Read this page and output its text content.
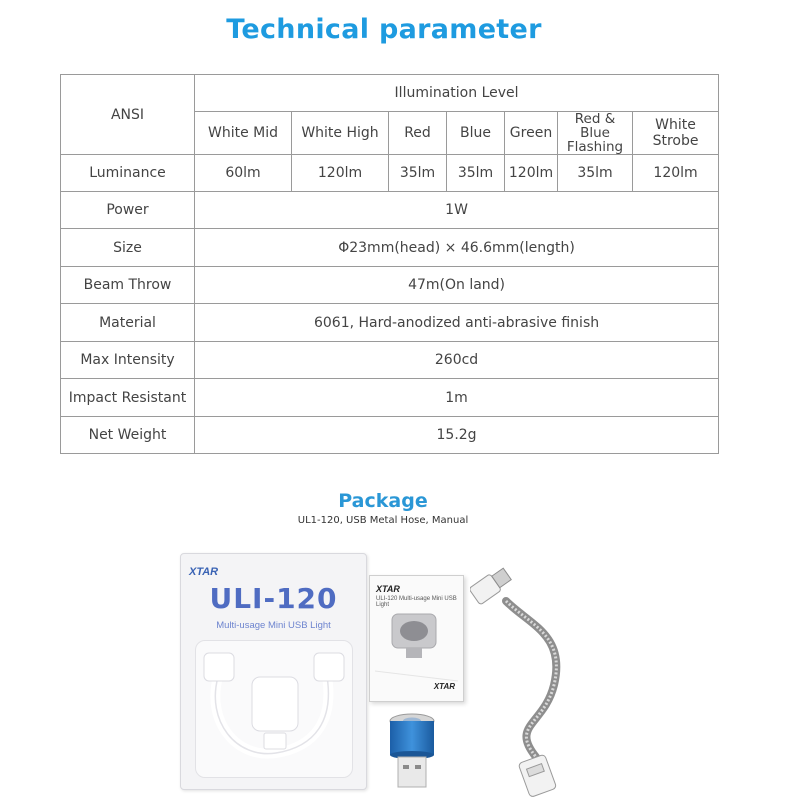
Technical parameter
ANSI	Illumination Level						
	White Mid	White High	Red	Blue	Green	Red & Blue Flashing	White Strobe
Luminance	60lm	120lm	35lm	35lm	120lm	35lm	120lm
Power	1W						
Size	Φ23mm(head) × 46.6mm(length)						
Beam Throw	47m(On land)						
Material	6061, Hard-anodized anti-abrasive finish						
Max Intensity	260cd						
Impact Resistant	1m						
Net Weight	15.2g						
Package
UL1-120, USB Metal Hose, Manual
XTAR
ULI-120
Multi-usage Mini USB Light
XTAR
ULI-120 Multi-usage Mini USB Light
XTAR
